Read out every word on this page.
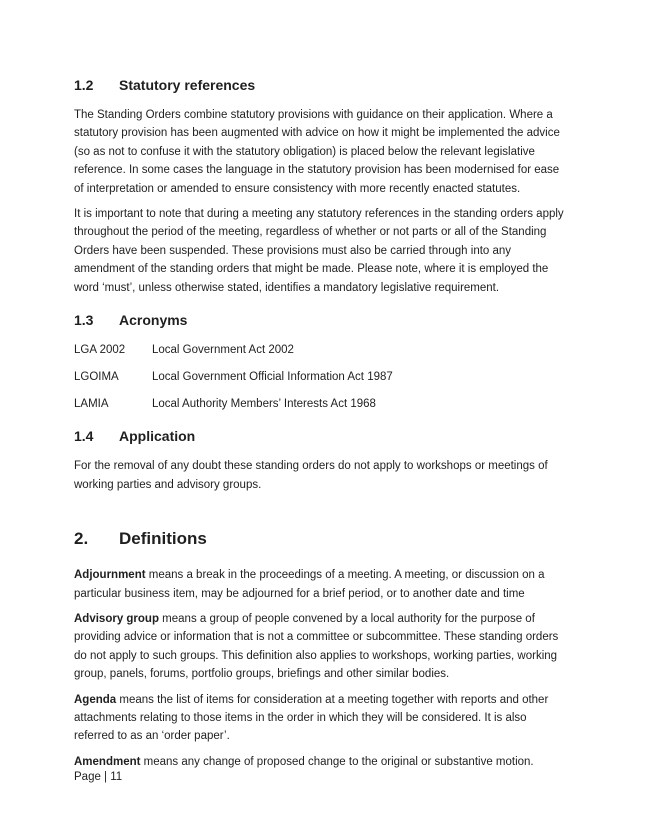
1.2	Statutory references

The Standing Orders combine statutory provisions with guidance on their application. Where a statutory provision has been augmented with advice on how it might be implemented the advice (so as not to confuse it with the statutory obligation) is placed below the relevant legislative reference. In some cases the language in the statutory provision has been modernised for ease of interpretation or amended to ensure consistency with more recently enacted statutes.

It is important to note that during a meeting any statutory references in the standing orders apply throughout the period of the meeting, regardless of whether or not parts or all of the Standing Orders have been suspended. These provisions must also be carried through into any amendment of the standing orders that might be made. Please note, where it is employed the word ‘must’, unless otherwise stated, identifies a mandatory legislative requirement.

1.3	Acronyms
LGA 2002	Local Government Act 2002
LGOIMA	Local Government Official Information Act 1987
LAMIA	Local Authority Members’ Interests Act 1968
1.4	Application

For the removal of any doubt these standing orders do not apply to workshops or meetings of working parties and advisory groups.

2.	Definitions

Adjournment means a break in the proceedings of a meeting. A meeting, or discussion on a particular business item, may be adjourned for a brief period, or to another date and time

Advisory group means a group of people convened by a local authority for the purpose of providing advice or information that is not a committee or subcommittee. These standing orders do not apply to such groups. This definition also applies to workshops, working parties, working group, panels, forums, portfolio groups, briefings and other similar bodies.

Agenda means the list of items for consideration at a meeting together with reports and other attachments relating to those items in the order in which they will be considered. It is also referred to as an ‘order paper’.

Amendment means any change of proposed change to the original or substantive motion.

Page | 11
